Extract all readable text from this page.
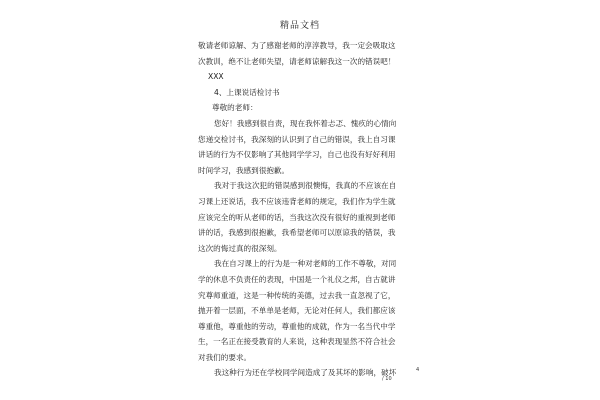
精品文档
敬请老师谅解、为了感谢老师的淳淳教导，我一定会吸取这
次教训，绝不让老师失望，请老师谅解我这一次的错误吧！
XXX
4、上课说话检讨书
尊敬的老师：
您好！我感到很自责，现在我怀着忐忑、愧疚的心情向
您递交检讨书，我深刻的认识到了自己的错误，我上自习课
讲话的行为不仅影响了其他同学学习，自己也没有好好利用
时间学习，我感到很抱歉。
我对于我这次犯的错误感到很懊悔，我真的不应该在自
习课上还说话，我不应该违背老师的规定，我们作为学生就
应该完全的听从老师的话，当我这次没有很好的重视到老师
讲的话，我感到很抱歉，我希望老师可以原谅我的错误，我
这次的悔过真的很深刻。
我在自习课上的行为是一种对老师的工作不尊敬，对同
学的休息不负责任的表现，中国是一个礼仪之邦，自古就讲
究尊师重道，这是一种传统的美德，过去我一直忽视了它，
抛开着一层面，不单单是老师，无论对任何人，我们都应该
尊重他，尊重他的劳动，尊重他的成就，作为一名当代中学
生，一名正在接受教育的人来说，这种表现显然不符合社会
对我们的要求。
我这种行为还在学校同学间造成了及其坏的影响，破坏	4
/ 10
